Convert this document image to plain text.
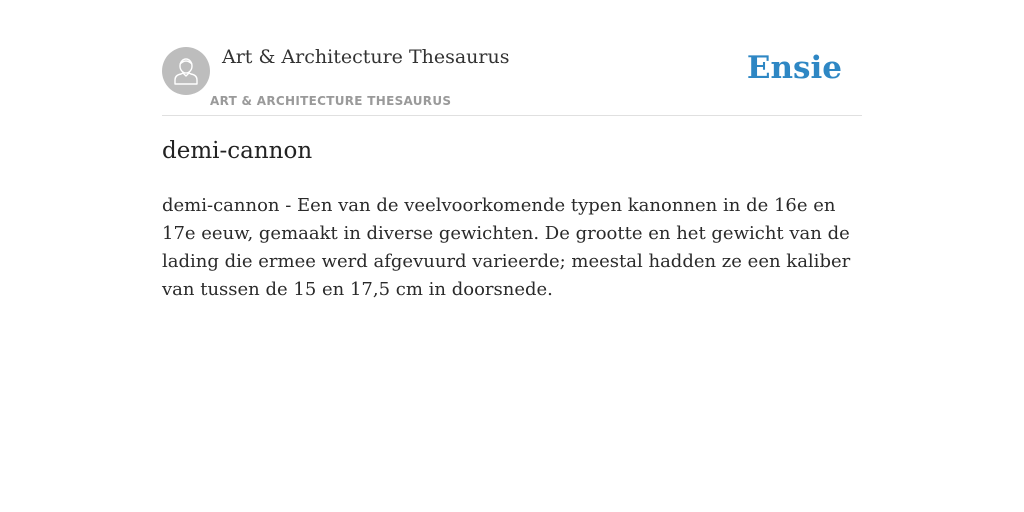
Art & Architecture Thesaurus
ART & ARCHITECTURE THESAURUS
Ensie
demi-cannon

demi-cannon - Een van de veelvoorkomende typen kanonnen in de 16e en 17e eeuw, gemaakt in diverse gewichten. De grootte en het gewicht van de lading die ermee werd afgevuurd varieerde; meestal hadden ze een kaliber van tussen de 15 en 17,5 cm in doorsnede.
